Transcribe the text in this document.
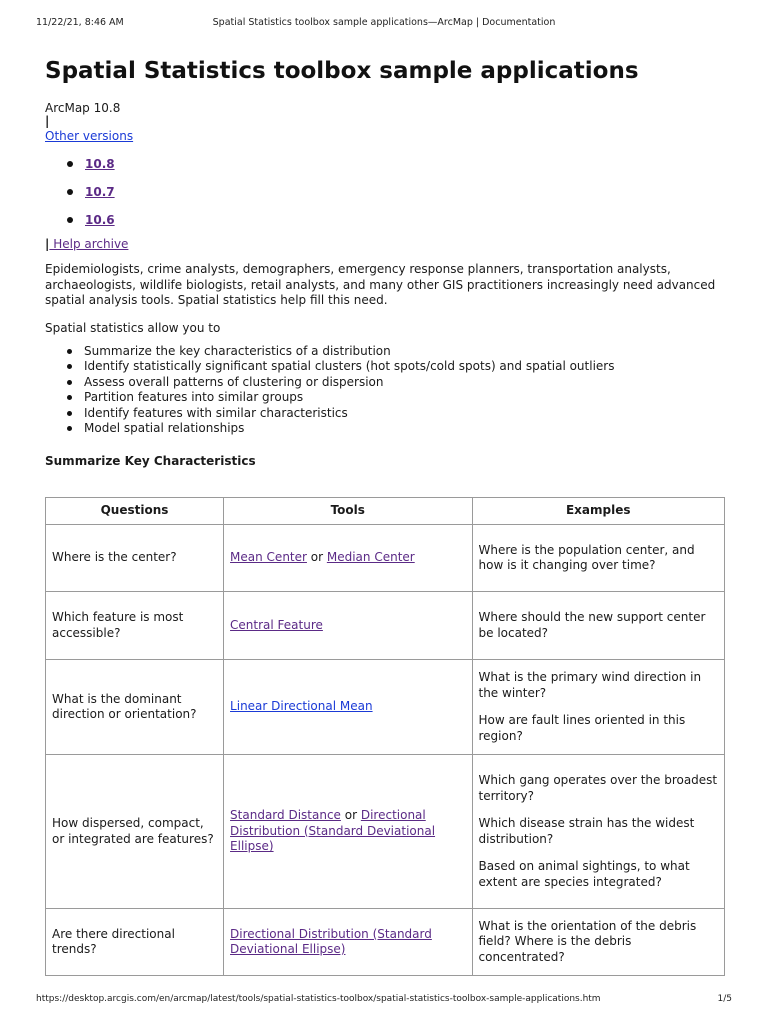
11/22/21, 8:46 AM	Spatial Statistics toolbox sample applications—ArcMap | Documentation
Spatial Statistics toolbox sample applications
ArcMap 10.8
|
Other versions
10.8
10.7
10.6
| Help archive

Epidemiologists, crime analysts, demographers, emergency response planners, transportation analysts, archaeologists, wildlife biologists, retail analysts, and many other GIS practitioners increasingly need advanced spatial analysis tools. Spatial statistics help fill this need.

Spatial statistics allow you to

Summarize the key characteristics of a distribution
Identify statistically significant spatial clusters (hot spots/cold spots) and spatial outliers
Assess overall patterns of clustering or dispersion
Partition features into similar groups
Identify features with similar characteristics
Model spatial relationships
Summarize Key Characteristics
Questions	Tools	Examples
Where is the center?	Mean Center or Median Center	Where is the population center, and how is it changing over time?

Which feature is most accessible?	Central Feature	Where should the new support center be located?

What is the dominant direction or orientation?	Linear Directional Mean	What is the primary wind direction in the winter?

How are fault lines oriented in this region?

How dispersed, compact, or integrated are features?	Standard Distance or Directional Distribution (Standard Deviational Ellipse)	Which gang operates over the broadest territory?

Which disease strain has the widest distribution?

Based on animal sightings, to what extent are species integrated?

Are there directional trends?	Directional Distribution (Standard Deviational Ellipse)	What is the orientation of the debris field? Where is the debris concentrated?

https://desktop.arcgis.com/en/arcmap/latest/tools/spatial-statistics-toolbox/spatial-statistics-toolbox-sample-applications.htm	1/5
